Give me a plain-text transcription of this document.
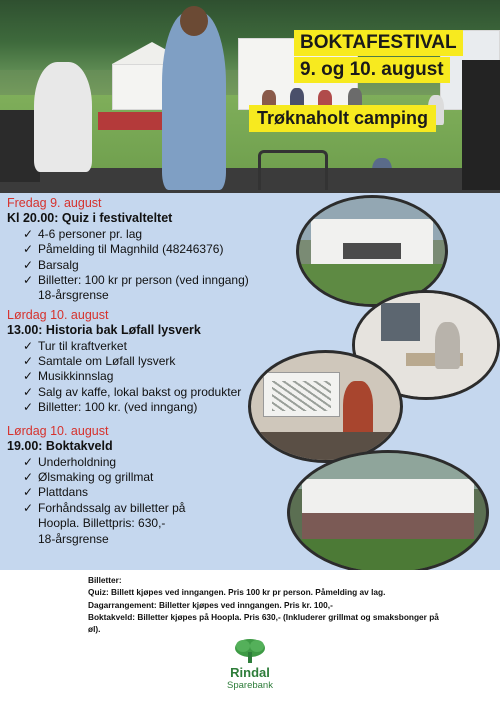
BOKTAFESTIVAL
9. og 10. august
Trøknaholt camping
Fredag 9. august
Kl 20.00: Quiz i festivalteltet
✓ 4-6 personer pr. lag
✓ Påmelding til Magnhild (48246376)
✓ Barsalg
✓ Billetter: 100 kr pr person (ved inngang)
18-årsgrense
Lørdag 10. august
13.00: Historia bak Løfall lysverk
✓ Tur til kraftverket
✓ Samtale om Løfall lysverk
✓ Musikkinnslag
✓ Salg av kaffe, lokal bakst og produkter
✓ Billetter: 100 kr. (ved inngang)
Lørdag 10. august
19.00: Boktakveld
✓ Underholdning
✓ Ølsmaking og grillmat
✓ Plattdans
✓ Forhåndssalg av billetter på Hoopla. Billettpris: 630,-
18-årsgrense
Billetter:
Quiz: Billett kjøpes ved inngangen. Pris 100 kr pr person. Påmelding av lag.
Dagarrangement: Billetter kjøpes ved inngangen. Pris kr. 100,-
Boktakveld: Billetter kjøpes på Hoopla. Pris 630,- (Inkluderer grillmat og smaksbonger på øl).
Rindal
Sparebank
